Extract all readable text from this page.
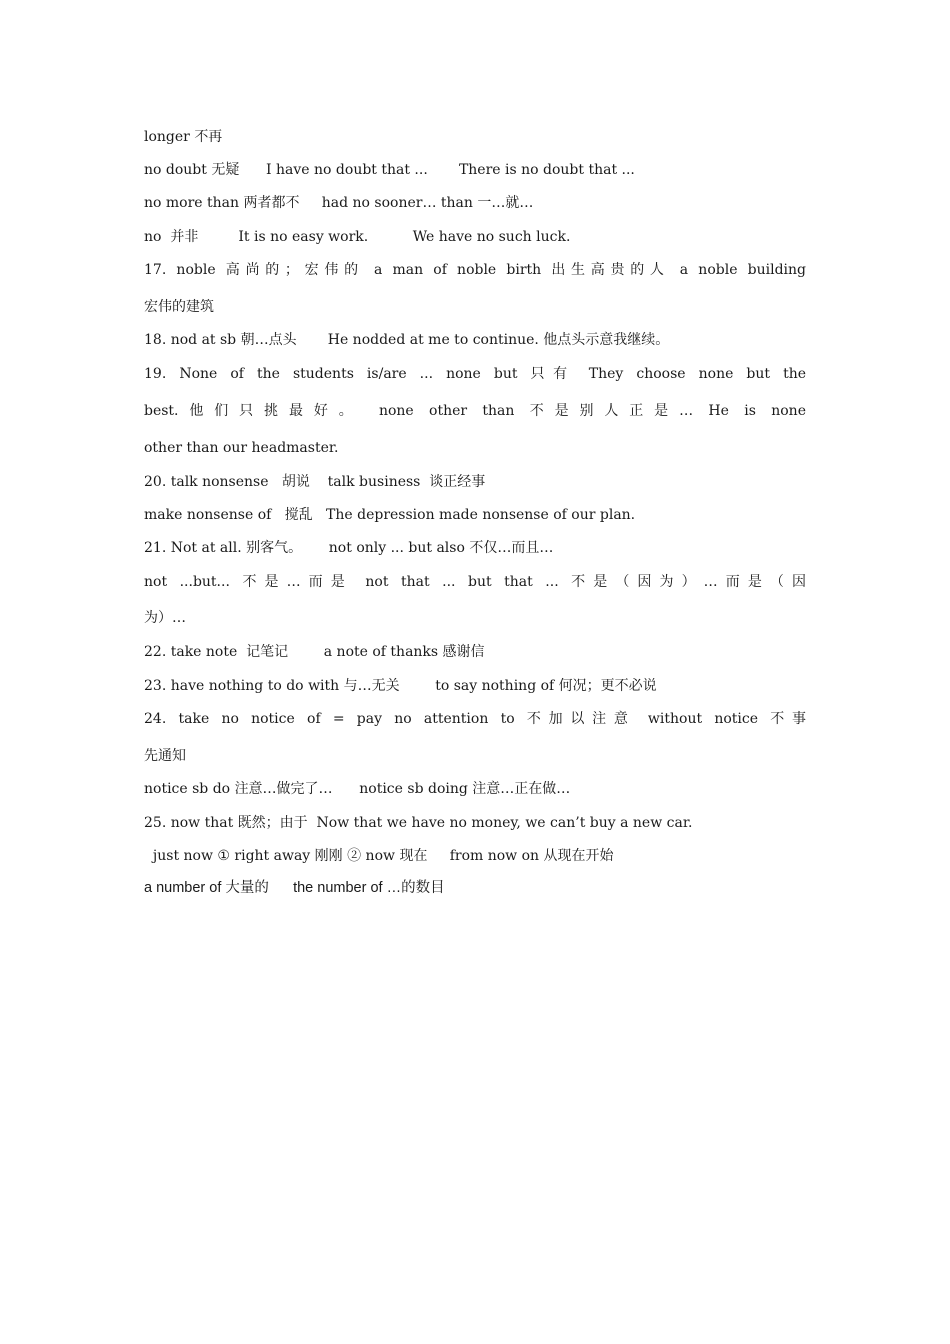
longer 不再
no doubt 无疑      I have no doubt that ...       There is no doubt that ...
no more than 两者都不     had no sooner… than 一…就…
no  并非         It is no easy work.          We have no such luck.
17. noble 高尚的；宏伟的 a man of noble birth 出生高贵的人 a noble building
宏伟的建筑
18. nod at sb 朝…点头       He nodded at me to continue. 他点头示意我继续。
19. None of the students is/are ... none but 只有 They choose none but the
best.他们只挑最好。 none other than 不是别人正是… He is none
other than our headmaster.
20. talk nonsense   胡说    talk business  谈正经事
make nonsense of   搅乱   The depression made nonsense of our plan.
21. Not at all. 别客气。      not only ... but also 不仅…而且…
not ...but... 不是…而是 not that ... but that ... 不是（因为）…而是（因
为）…
22. take note  记笔记        a note of thanks 感谢信
23. have nothing to do with 与…无关        to say nothing of 何况；更不必说
24. take no notice of = pay no attention to 不加以注意 without notice 不事
先通知
notice sb do 注意…做完了…      notice sb doing 注意…正在做…
25. now that 既然；由于  Now that we have no money, we can’t buy a new car.
just now ① right away 刚刚 ② now 现在     from now on 从现在开始
a number of 大量的      the number of …的数目
